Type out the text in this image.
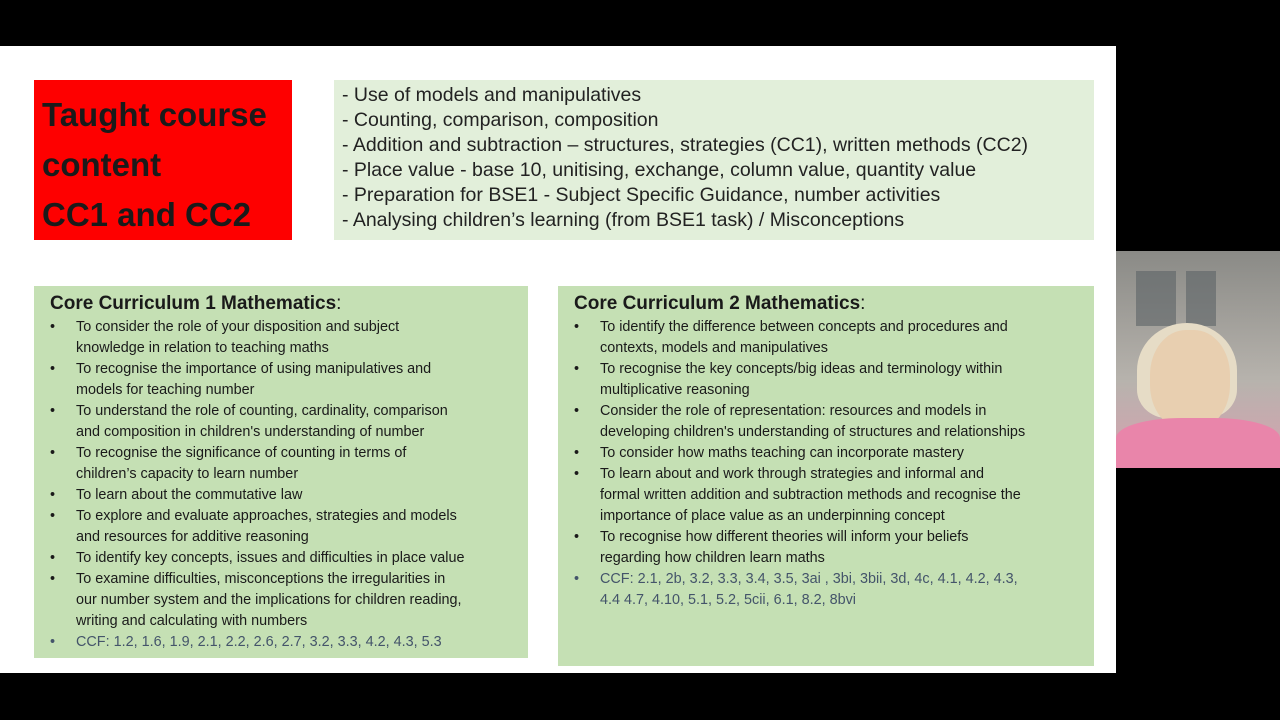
Taught course
content
CC1 and CC2
- Use of models and manipulatives
- Counting, comparison, composition
- Addition and subtraction – structures, strategies (CC1), written methods (CC2)
- Place value - base 10, unitising, exchange, column value, quantity value
- Preparation for BSE1 - Subject Specific Guidance, number activities
- Analysing children’s learning (from BSE1 task) / Misconceptions
Core Curriculum 1 Mathematics:
•	To consider the role of your disposition and subject
knowledge in relation to teaching maths
•	To recognise the importance of using manipulatives and
models for teaching number
•	To understand the role of counting, cardinality, comparison
and composition in children's understanding of number
•	To recognise the significance of counting in terms of
children’s capacity to learn number
•	To learn about the commutative law
•	To explore and evaluate approaches, strategies and models
and resources for additive reasoning
•	To identify key concepts, issues and difficulties in place value
•	To examine difficulties, misconceptions the irregularities in
our number system and the implications for children reading,
writing and calculating with numbers
•	CCF: 1.2, 1.6, 1.9, 2.1, 2.2, 2.6, 2.7, 3.2, 3.3, 4.2, 4.3, 5.3
Core Curriculum 2 Mathematics:
•	To identify the difference between concepts and procedures and
contexts, models and manipulatives
•	To recognise the key concepts/big ideas and terminology within
multiplicative reasoning
•	Consider the role of representation: resources and models in
developing children's understanding of structures and relationships
•	To consider how maths teaching can incorporate mastery
•	To learn about and work through strategies and informal and
formal written addition and subtraction methods and recognise the
importance of place value as an underpinning concept
•	To recognise how different theories will inform your beliefs
regarding how children learn maths
•	CCF: 2.1, 2b, 3.2, 3.3, 3.4, 3.5, 3ai , 3bi, 3bii, 3d, 4c, 4.1, 4.2, 4.3,
4.4 4.7, 4.10, 5.1, 5.2, 5cii, 6.1, 8.2, 8bvi
